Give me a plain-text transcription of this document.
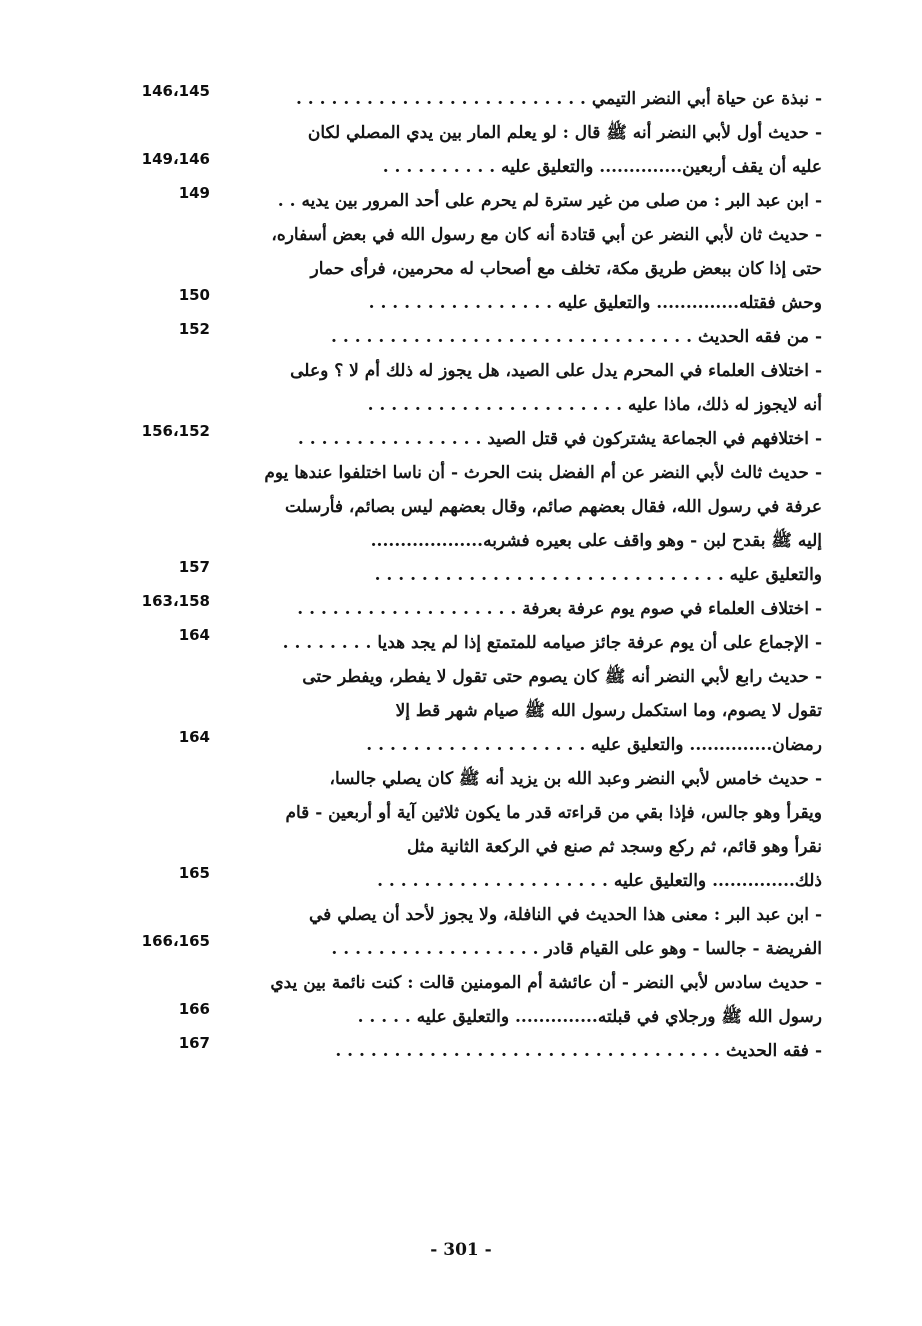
-نبذة عن حياة أبي النضر التيمي . . . . . . . . . . . . . . . . . . . . . . . . .
146،145
-حديث أول لأبي النضر أنه ﷺ قال : لو يعلم المار بين يدي المصلي لكان
عليه أن يقف أربعين.............. والتعليق عليه . . . . . . . . . .
149،146
-ابن عبد البر : من صلى من غير سترة لم يحرم على أحد المرور بين يديه . .
149
-حديث ثان لأبي النضر عن أبي قتادة أنه كان مع رسول الله في بعض أسفاره،
حتى إذا كان ببعض طريق مكة، تخلف مع أصحاب له محرمين، فرأى حمار
وحش فقتله.............. والتعليق عليه . . . . . . . . . . . . . . . .
150
-من فقه الحديث . . . . . . . . . . . . . . . . . . . . . . . . . . . . . . .
152
-اختلاف العلماء في المحرم يدل على الصيد، هل يجوز له ذلك أم لا ؟ وعلى
أنه لايجوز له ذلك، ماذا عليه . . . . . . . . . . . . . . . . . . . . . .
-اختلافهم في الجماعة يشتركون في قتل الصيد . . . . . . . . . . . . . . . .
156،152
-حديث ثالث لأبي النضر عن أم الفضل بنت الحرث - أن ناسا اختلفوا عندها يوم
عرفة في رسول الله، فقال بعضهم صائم، وقال بعضهم ليس بصائم، فأرسلت
إليه ﷺ بقدح لبن - وهو واقف على بعيره فشربه...................
والتعليق عليه . . . . . . . . . . . . . . . . . . . . . . . . . . . . . .
157
-اختلاف العلماء في صوم يوم عرفة بعرفة . . . . . . . . . . . . . . . . . . .
163،158
-الإجماع على أن يوم عرفة جائز صيامه للمتمتع إذا لم يجد هديا . . . . . . . .
164
-حديث رابع لأبي النضر أنه ﷺ كان يصوم حتى تقول لا يفطر، ويفطر حتى
تقول لا يصوم، وما استكمل رسول الله ﷺ صيام شهر قط إلا
رمضان.............. والتعليق عليه . . . . . . . . . . . . . . . . . . .
164
-حديث خامس لأبي النضر وعبد الله بن يزيد أنه ﷺ كان يصلي جالسا،
ويقرأ وهو جالس، فإذا بقي من قراءته قدر ما يكون ثلاثين آية أو أربعين - قام
نقرأ وهو قائم، ثم ركع وسجد ثم صنع في الركعة الثانية مثل
ذلك.............. والتعليق عليه . . . . . . . . . . . . . . . . . . . .
165
-ابن عبد البر : معنى هذا الحديث في النافلة، ولا يجوز لأحد أن يصلي في
الفريضة - جالسا - وهو على القيام قادر . . . . . . . . . . . . . . . . . .
166،165
-حديث سادس لأبي النضر - أن عائشة أم المومنين قالت : كنت نائمة بين يدي
رسول الله ﷺ ورجلاي في قبلته.............. والتعليق عليه . . . . .
166
-فقه الحديث . . . . . . . . . . . . . . . . . . . . . . . . . . . . . . . . .
167
- 301 -
